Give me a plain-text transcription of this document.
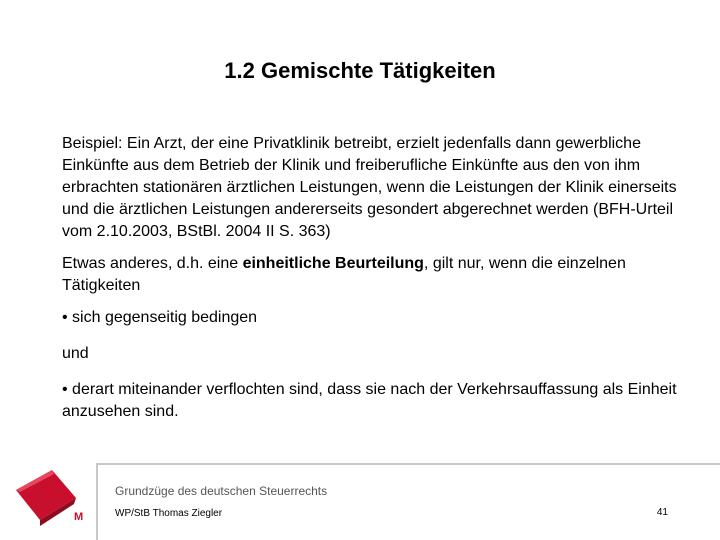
1.2 Gemischte Tätigkeiten

Beispiel: Ein Arzt, der eine Privatklinik betreibt, erzielt jedenfalls dann gewerbliche Einkünfte aus dem Betrieb der Klinik und freiberufliche Einkünfte aus den von ihm erbrachten stationären ärztlichen Leistungen, wenn die Leistungen der Klinik einerseits und die ärztlichen Leistungen andererseits gesondert abgerechnet werden (BFH-Urteil vom 2.10.2003, BStBl. 2004 II S. 363)

Etwas anderes, d.h. eine einheitliche Beurteilung, gilt nur, wenn die einzelnen Tätigkeiten

• sich gegenseitig bedingen

und

• derart miteinander verflochten sind, dass sie nach der Verkehrsauffassung als Einheit anzusehen sind.

M
Grundzüge des deutschen Steuerrechts
WP/StB Thomas Ziegler	41
